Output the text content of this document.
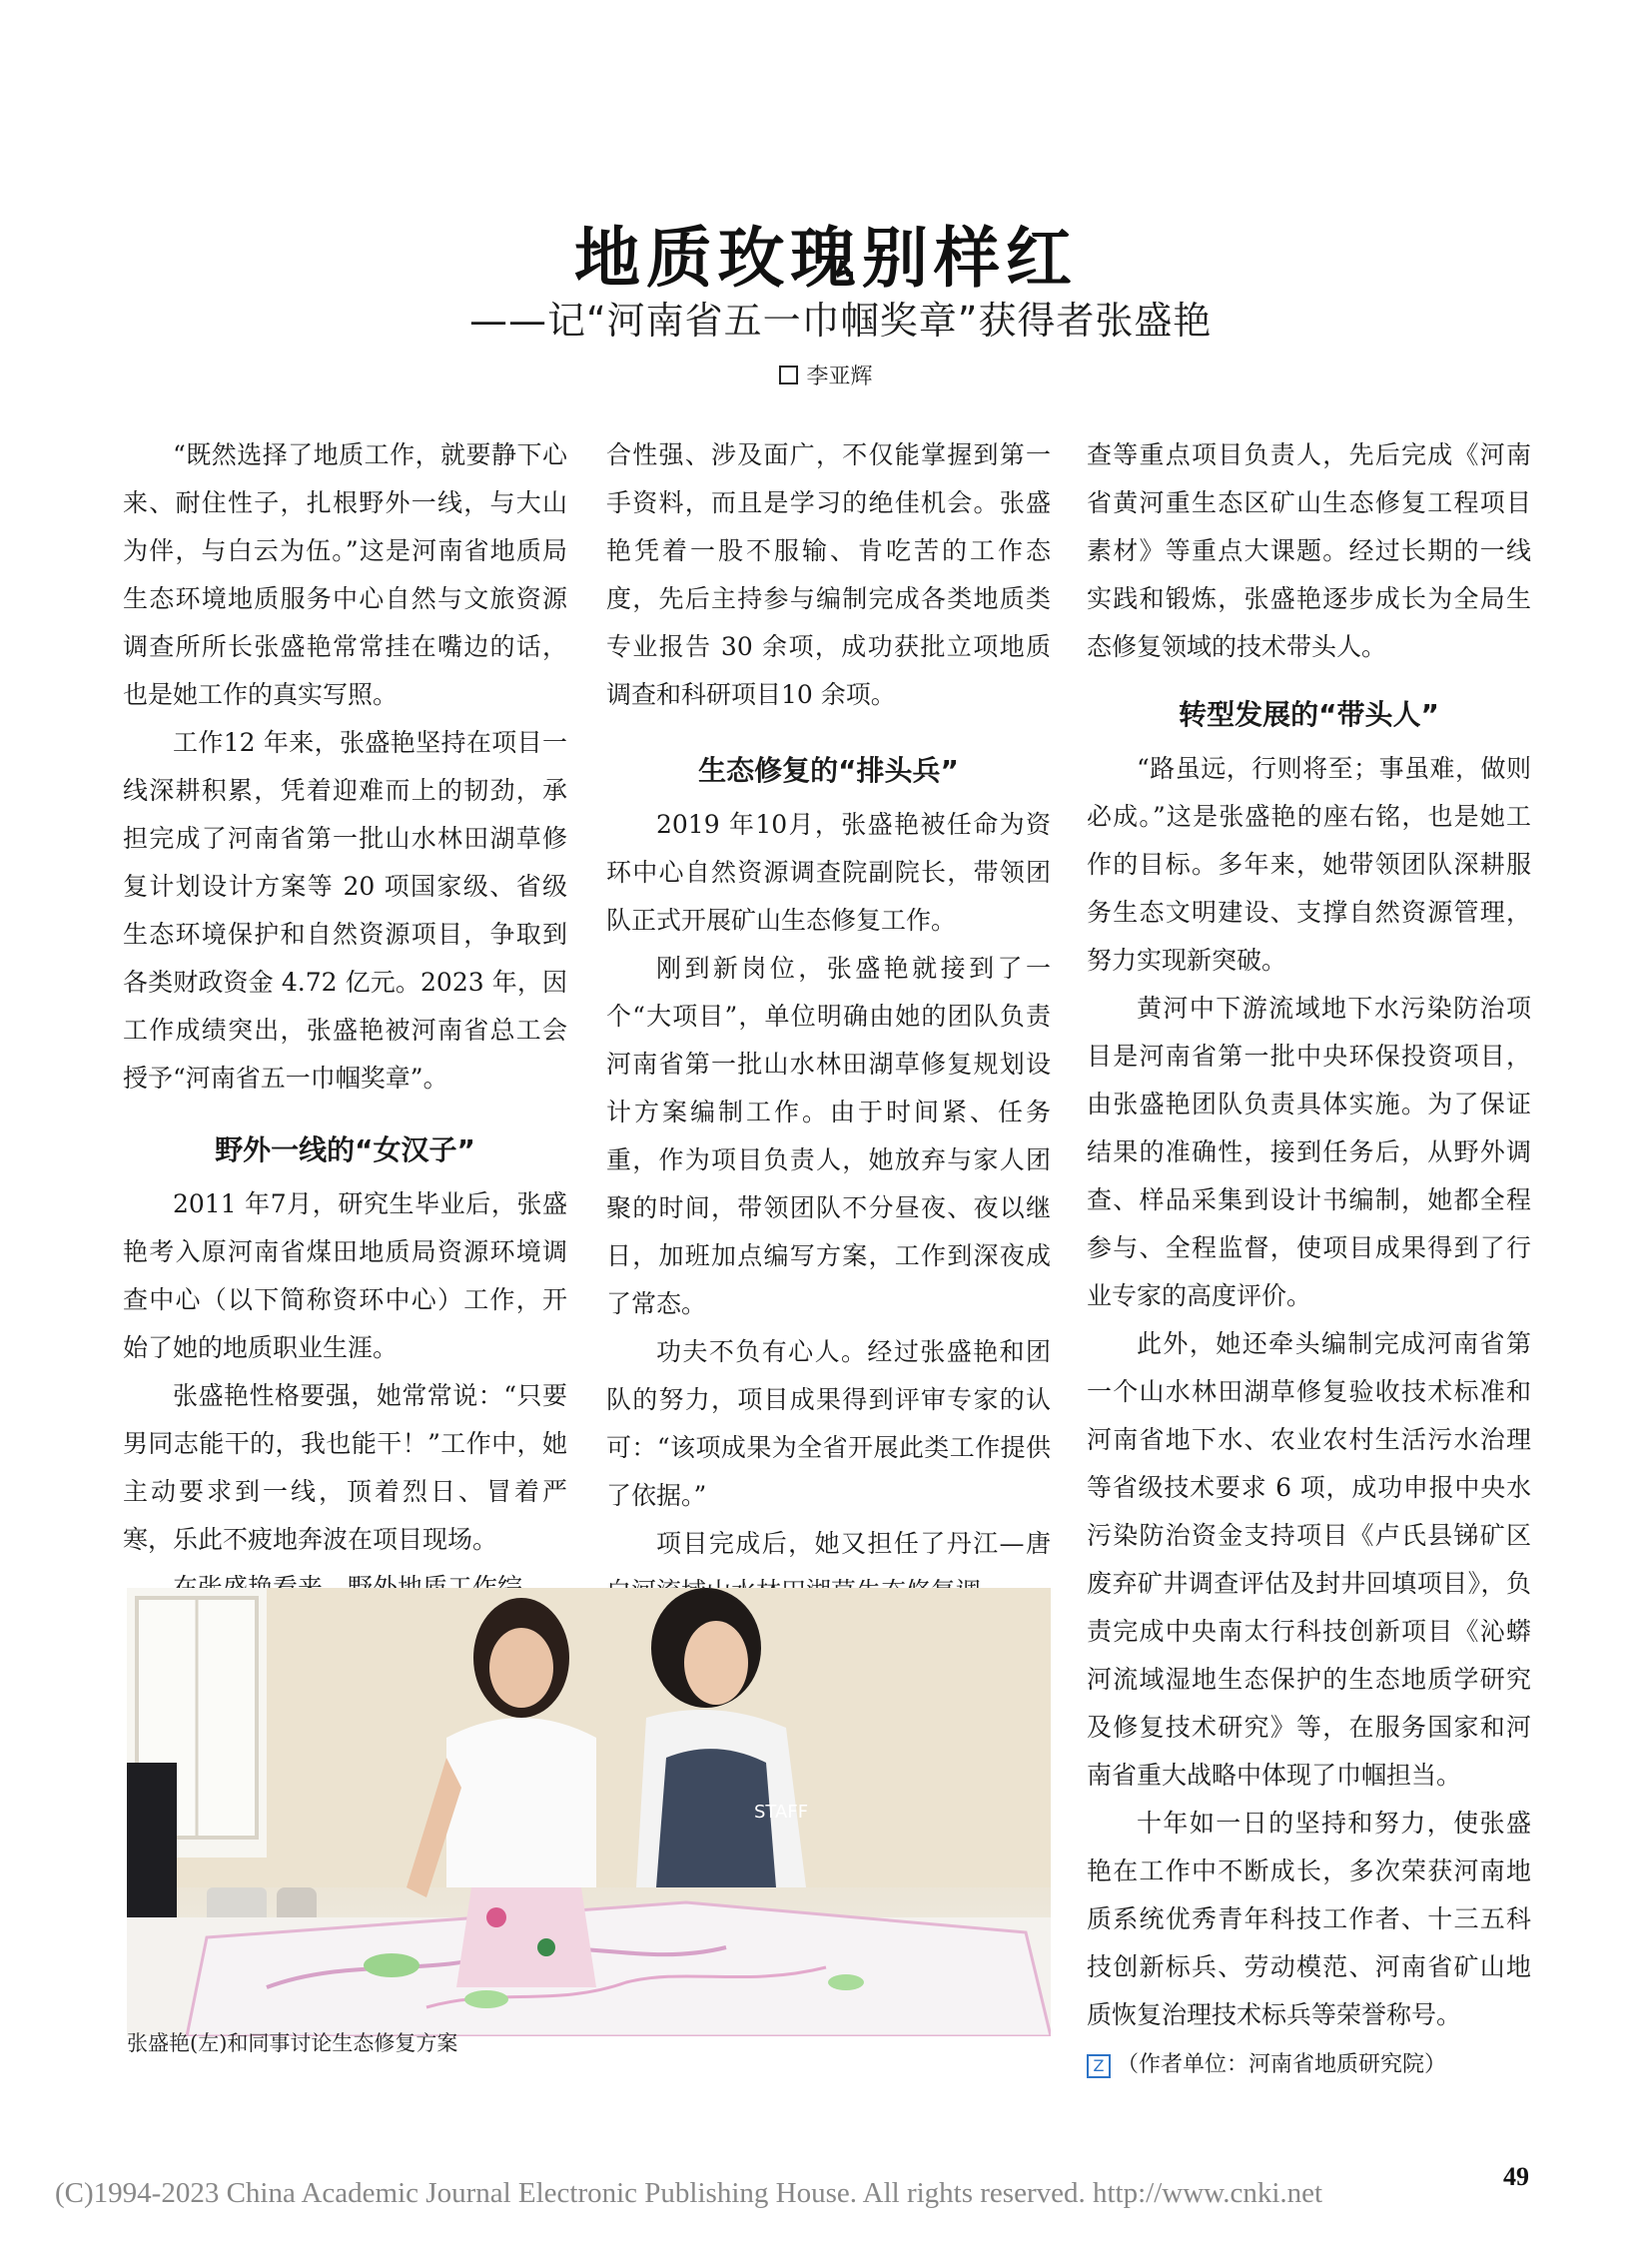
地质玫瑰别样红
——记“河南省五一巾帼奖章”获得者张盛艳
李亚辉

“既然选择了地质工作，就要静下心来、耐住性子，扎根野外一线，与大山为伴，与白云为伍。”这是河南省地质局生态环境地质服务中心自然与文旅资源调查所所长张盛艳常常挂在嘴边的话，也是她工作的真实写照。

工作12 年来，张盛艳坚持在项目一线深耕积累，凭着迎难而上的韧劲，承担完成了河南省第一批山水林田湖草修复计划设计方案等 20 项国家级、省级生态环境保护和自然资源项目，争取到各类财政资金 4.72 亿元。2023 年，因工作成绩突出，张盛艳被河南省总工会授予“河南省五一巾帼奖章”。

野外一线的“女汉子”

2011 年7月，研究生毕业后，张盛艳考入原河南省煤田地质局资源环境调查中心（以下简称资环中心）工作，开始了她的地质职业生涯。

张盛艳性格要强，她常常说：“只要男同志能干的，我也能干！”工作中，她主动要求到一线，顶着烈日、冒着严寒，乐此不疲地奔波在项目现场。

合性强、涉及面广，不仅能掌握到第一手资料，而且是学习的绝佳机会。张盛艳凭着一股不服输、肯吃苦的工作态度，先后主持参与编制完成各类地质类专业报告 30 余项，成功获批立项地质调查和科研项目10 余项。

生态修复的“排头兵”

2019 年10月，张盛艳被任命为资环中心自然资源调查院副院长，带领团队正式开展矿山生态修复工作。

刚到新岗位，张盛艳就接到了一个“大项目”，单位明确由她的团队负责河南省第一批山水林田湖草修复规划设计方案编制工作。由于时间紧、任务重，作为项目负责人，她放弃与家人团聚的时间，带领团队不分昼夜、夜以继日，加班加点编写方案，工作到深夜成了常态。

功夫不负有心人。经过张盛艳和团队的努力，项目成果得到评审专家的认可：“该项成果为全省开展此类工作提供了依据。”

项目完成后，她又担任了丹江—唐

查等重点项目负责人，先后完成《河南省黄河重生态区矿山生态修复工程项目素材》等重点大课题。经过长期的一线实践和锻炼，张盛艳逐步成长为全局生态修复领域的技术带头人。

转型发展的“带头人”

“路虽远，行则将至；事虽难，做则必成。”这是张盛艳的座右铭，也是她工作的目标。多年来，她带领团队深耕服务生态文明建设、支撑自然资源管理，努力实现新突破。

黄河中下游流域地下水污染防治项目是河南省第一批中央环保投资项目，由张盛艳团队负责具体实施。为了保证结果的准确性，接到任务后，从野外调查、样品采集到设计书编制，她都全程参与、全程监督，使项目成果得到了行业专家的高度评价。

此外，她还牵头编制完成河南省第一个山水林田湖草修复验收技术标准和河南省地下水、农业农村生活污水治理等省级技术要求 6 项，成功申报中央水污染防治资金支持项目《卢氏县锑矿区废弃矿井调查评估及封井回填项目》，负责完成中央南太行科技创新项目《沁蟒河流域湿地生态保护的生态地质学研究及修复技术研究》等，在服务国家和河南省重大战略中体现了巾帼担当。

十年如一日的坚持和努力，使张盛艳在工作中不断成长，多次荣获河南地质系统优秀青年科技工作者、十三五科技创新标兵、劳动模范、河南省矿山地质恢复治理技术标兵等荣誉称号。

Z （作者单位：河南省地质研究院）

STAFF
张盛艳(左)和同事讨论生态修复方案
(C)1994-2023 China Academic Journal Electronic Publishing House. All rights reserved. http://www.cnki.net
49
